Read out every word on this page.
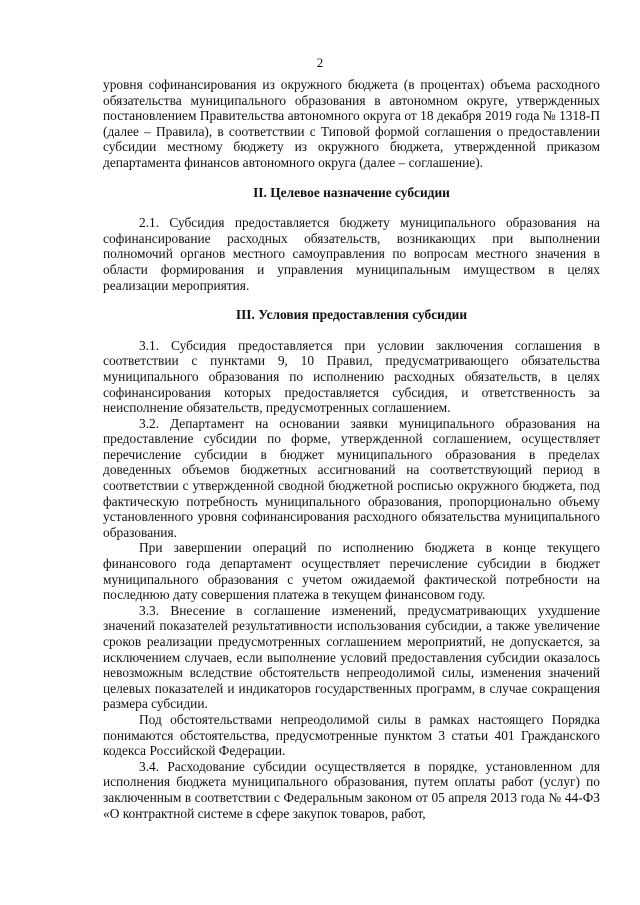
2

уровня софинансирования из окружного бюджета (в процентах) объема расходного обязательства муниципального образования в автономном округе, утвержденных постановлением Правительства автономного округа от 18 декабря 2019 года № 1318-П (далее – Правила), в соответствии с Типовой формой соглашения о предоставлении субсидии местному бюджету из окружного бюджета, утвержденной приказом департамента финансов автономного округа (далее – соглашение).

II. Целевое назначение субсидии

2.1. Субсидия предоставляется бюджету муниципального образования на софинансирование расходных обязательств, возникающих при выполнении полномочий органов местного самоуправления по вопросам местного значения в области формирования и управления муниципальным имуществом в целях реализации мероприятия.

III. Условия предоставления субсидии

3.1. Субсидия предоставляется при условии заключения соглашения в соответствии с пунктами 9, 10 Правил, предусматривающего обязательства муниципального образования по исполнению расходных обязательств, в целях софинансирования которых предоставляется субсидия, и ответственность за неисполнение обязательств, предусмотренных соглашением.

3.2. Департамент на основании заявки муниципального образования на предоставление субсидии по форме, утвержденной соглашением, осуществляет перечисление субсидии в бюджет муниципального образования в пределах доведенных объемов бюджетных ассигнований на соответствующий период в соответствии с утвержденной сводной бюджетной росписью окружного бюджета, под фактическую потребность муниципального образования, пропорционально объему установленного уровня софинансирования расходного обязательства муниципального образования.

При завершении операций по исполнению бюджета в конце текущего финансового года департамент осуществляет перечисление субсидии в бюджет муниципального образования с учетом ожидаемой фактической потребности на последнюю дату совершения платежа в текущем финансовом году.

3.3. Внесение в соглашение изменений, предусматривающих ухудшение значений показателей результативности использования субсидии, а также увеличение сроков реализации предусмотренных соглашением мероприятий, не допускается, за исключением случаев, если выполнение условий предоставления субсидии оказалось невозможным вследствие обстоятельств непреодолимой силы, изменения значений целевых показателей и индикаторов государственных программ, в случае сокращения размера субсидии.

Под обстоятельствами непреодолимой силы в рамках настоящего Порядка понимаются обстоятельства, предусмотренные пунктом 3 статьи 401 Гражданского кодекса Российской Федерации.

3.4. Расходование субсидии осуществляется в порядке, установленном для исполнения бюджета муниципального образования, путем оплаты работ (услуг) по заключенным в соответствии с Федеральным законом от 05 апреля 2013 года № 44-ФЗ «О контрактной системе в сфере закупок товаров, работ,
